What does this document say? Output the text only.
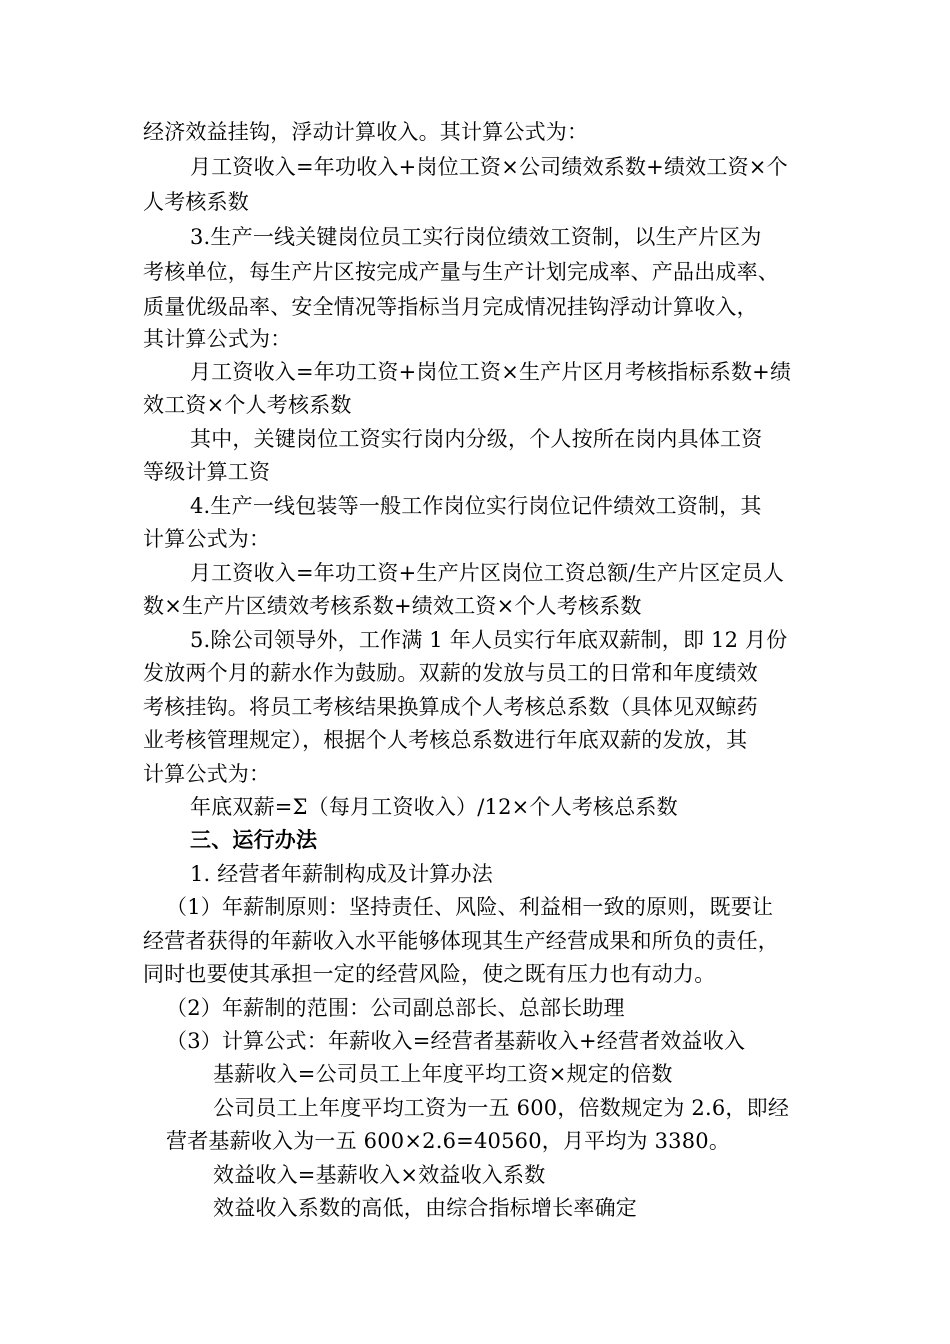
经济效益挂钩，浮动计算收入。其计算公式为：
月工资收入=年功收入+岗位工资×公司绩效系数+绩效工资×个
人考核系数
3.生产一线关键岗位员工实行岗位绩效工资制，以生产片区为
考核单位，每生产片区按完成产量与生产计划完成率、产品出成率、
质量优级品率、安全情况等指标当月完成情况挂钩浮动计算收入，
其计算公式为：
月工资收入=年功工资+岗位工资×生产片区月考核指标系数+绩
效工资×个人考核系数
其中，关键岗位工资实行岗内分级，个人按所在岗内具体工资
等级计算工资
4.生产一线包装等一般工作岗位实行岗位记件绩效工资制，其
计算公式为：
月工资收入=年功工资+生产片区岗位工资总额/生产片区定员人
数×生产片区绩效考核系数+绩效工资×个人考核系数
5.除公司领导外，工作满 1 年人员实行年底双薪制，即 12 月份
发放两个月的薪水作为鼓励。双薪的发放与员工的日常和年度绩效
考核挂钩。将员工考核结果换算成个人考核总系数（具体见双鲸药
业考核管理规定），根据个人考核总系数进行年底双薪的发放，其
计算公式为：
年底双薪=Σ（每月工资收入）/12×个人考核总系数
三、运行办法
1. 经营者年薪制构成及计算办法
（1）年薪制原则：坚持责任、风险、利益相一致的原则，既要让
经营者获得的年薪收入水平能够体现其生产经营成果和所负的责任，
同时也要使其承担一定的经营风险，使之既有压力也有动力。
（2）年薪制的范围：公司副总部长、总部长助理
（3）计算公式：年薪收入=经营者基薪收入+经营者效益收入
基薪收入=公司员工上年度平均工资×规定的倍数
公司员工上年度平均工资为一五 600，倍数规定为 2.6，即经
营者基薪收入为一五 600×2.6=40560，月平均为 3380。
效益收入=基薪收入×效益收入系数
效益收入系数的高低，由综合指标增长率确定
